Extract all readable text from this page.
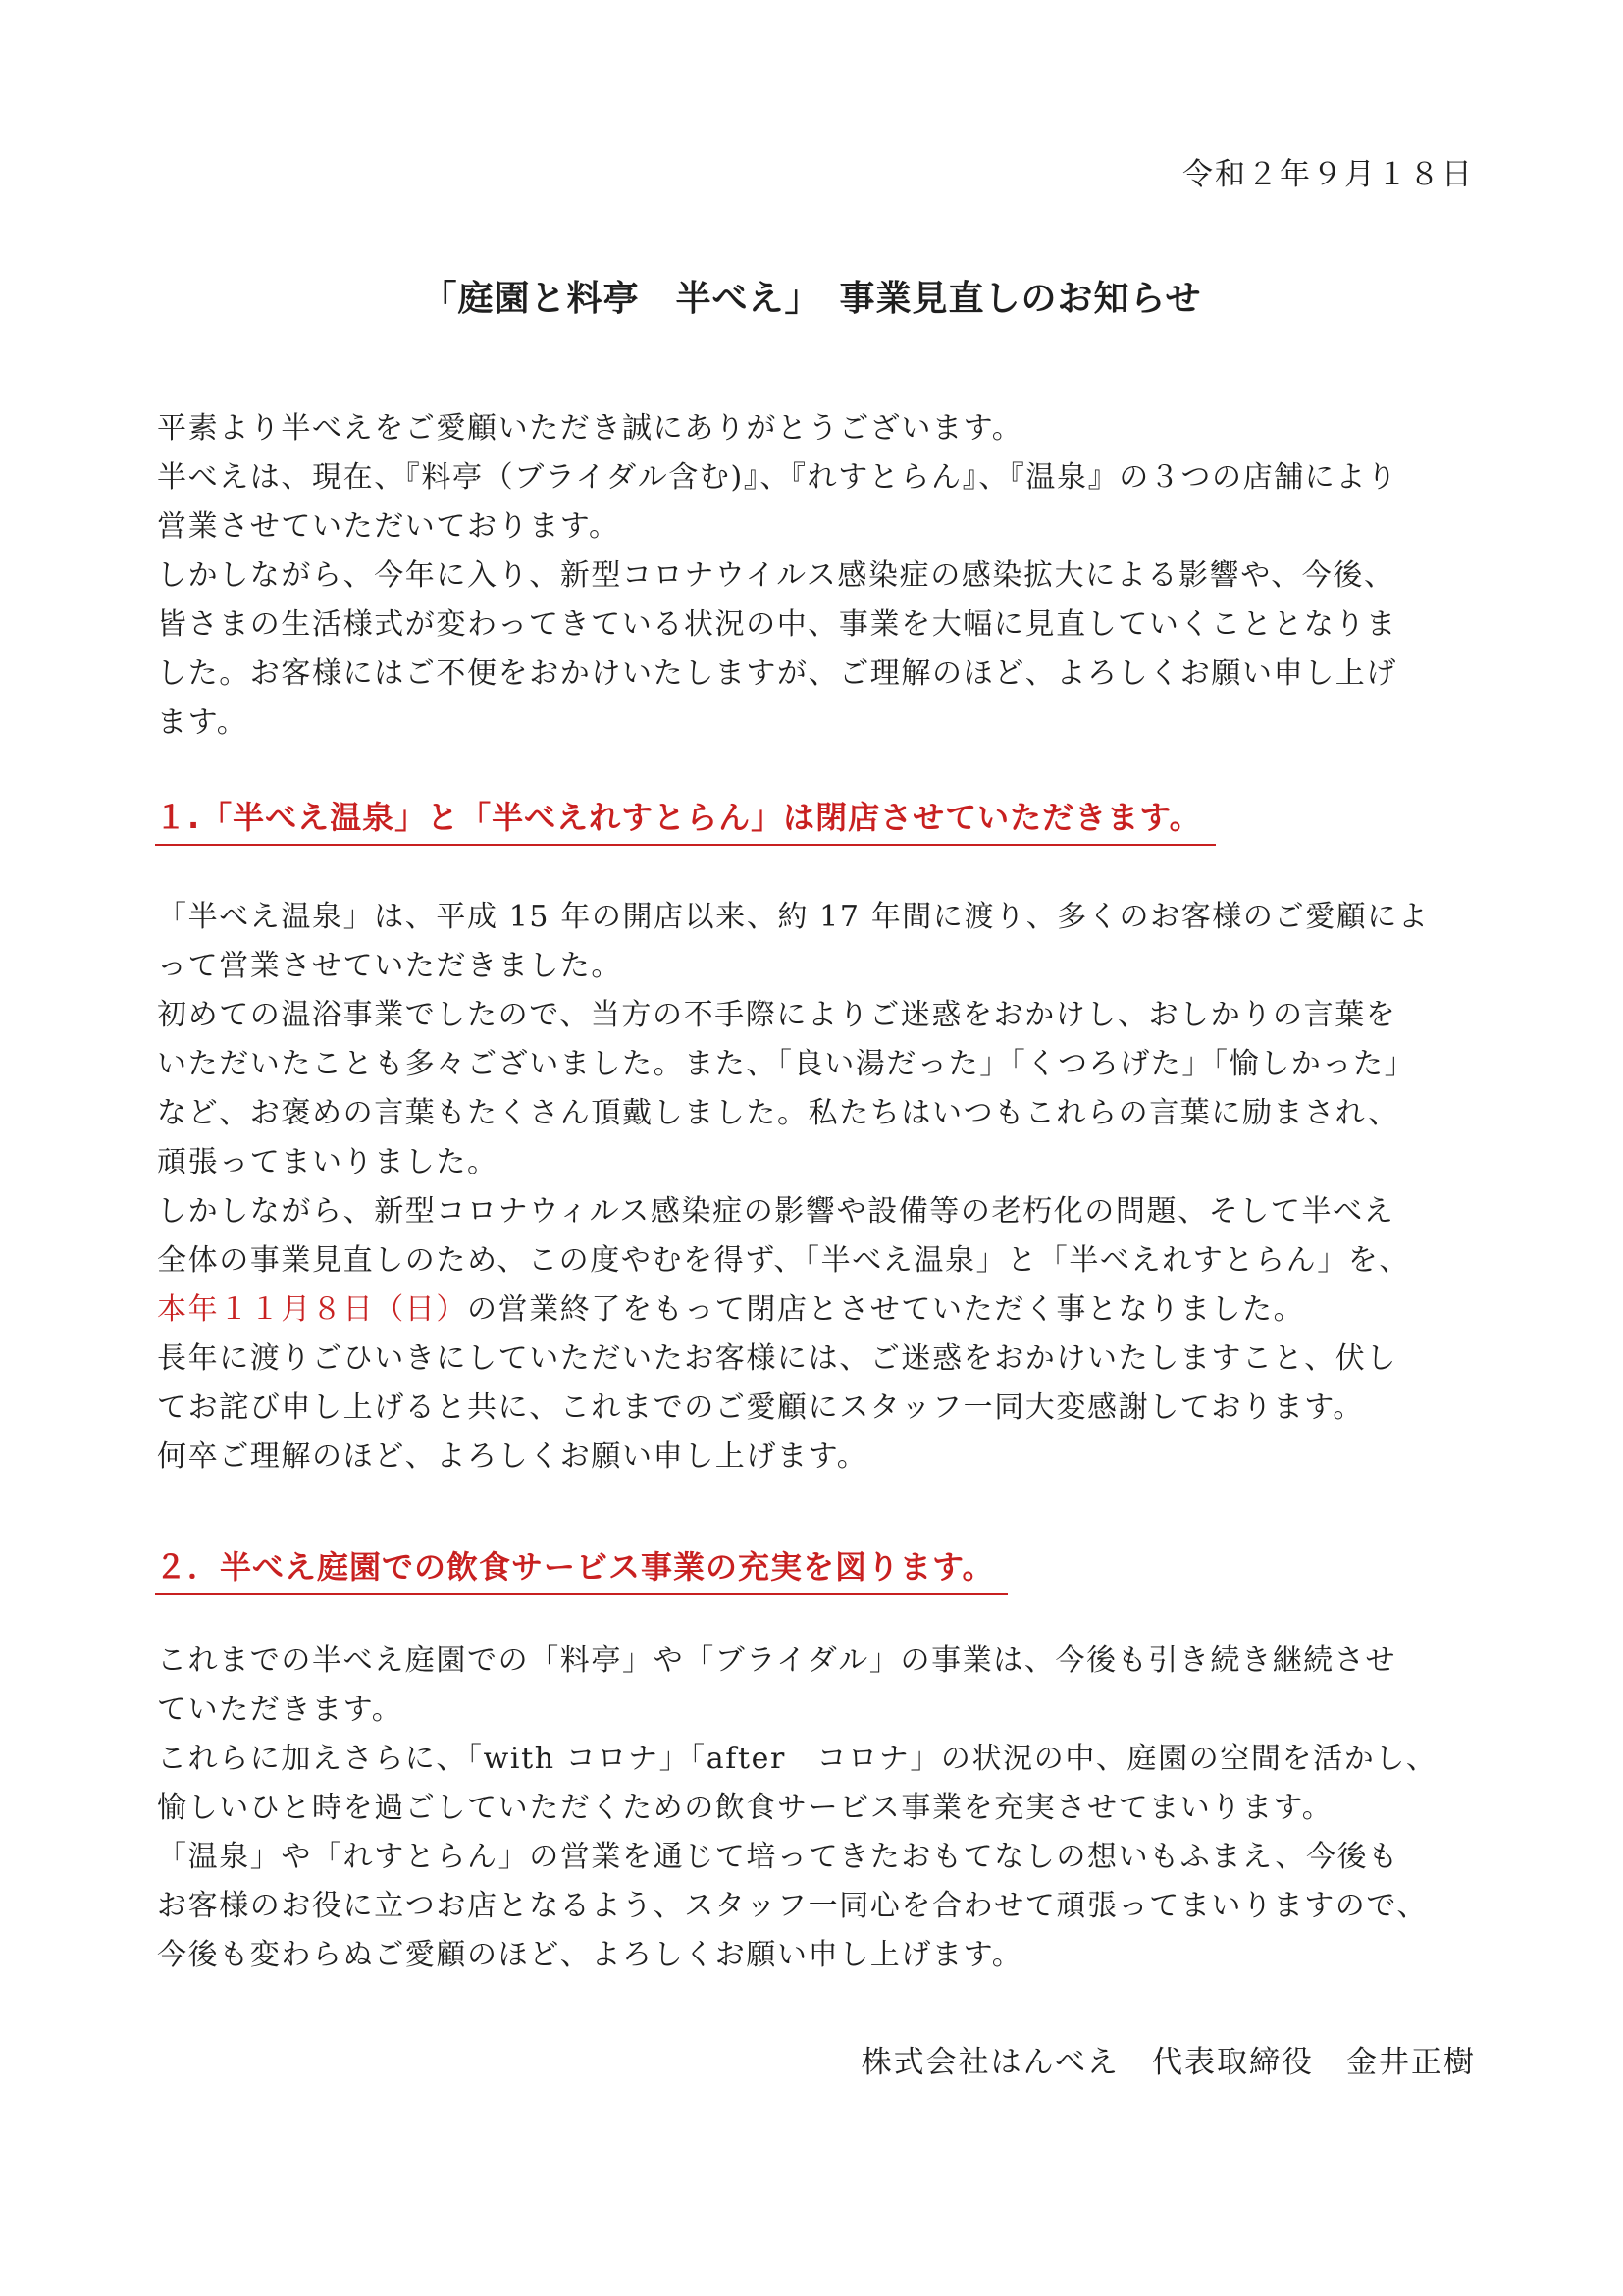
令和２年９月１８日
「庭園と料亭　半べえ」　事業見直しのお知らせ
平素より半べえをご愛顧いただき誠にありがとうございます。
半べえは、現在、『料亭（ブライダル含む)』、『れすとらん』、『温泉』の３つの店舗により
営業させていただいております。
しかしながら、今年に入り、新型コロナウイルス感染症の感染拡大による影響や、今後、
皆さまの生活様式が変わってきている状況の中、事業を大幅に見直していくこととなりま
した。お客様にはご不便をおかけいたしますが、ご理解のほど、よろしくお願い申し上げ
ます。
１.「半べえ温泉」と「半べえれすとらん」は閉店させていただきます。
「半べえ温泉」は、平成 15 年の開店以来、約 17 年間に渡り、多くのお客様のご愛顧によ
って営業させていただきました。
初めての温浴事業でしたので、当方の不手際によりご迷惑をおかけし、おしかりの言葉を
いただいたことも多々ございました。また、「良い湯だった」「くつろげた」「愉しかった」
など、お褒めの言葉もたくさん頂戴しました。私たちはいつもこれらの言葉に励まされ、
頑張ってまいりました。
しかしながら、新型コロナウィルス感染症の影響や設備等の老朽化の問題、そして半べえ
全体の事業見直しのため、この度やむを得ず、「半べえ温泉」と「半べえれすとらん」を、
本年１１月８日（日）の営業終了をもって閉店とさせていただく事となりました。
長年に渡りごひいきにしていただいたお客様には、ご迷惑をおかけいたしますこと、伏し
てお詫び申し上げると共に、これまでのご愛顧にスタッフ一同大変感謝しております。
何卒ご理解のほど、よろしくお願い申し上げます。
２．半べえ庭園での飲食サービス事業の充実を図ります。
これまでの半べえ庭園での「料亭」や「ブライダル」の事業は、今後も引き続き継続させ
ていただきます。
これらに加えさらに、「with コロナ」「after　コロナ」の状況の中、庭園の空間を活かし、
愉しいひと時を過ごしていただくための飲食サービス事業を充実させてまいります。
「温泉」や「れすとらん」の営業を通じて培ってきたおもてなしの想いもふまえ、今後も
お客様のお役に立つお店となるよう、スタッフ一同心を合わせて頑張ってまいりますので、
今後も変わらぬご愛顧のほど、よろしくお願い申し上げます。
株式会社はんべえ　代表取締役　金井正樹
